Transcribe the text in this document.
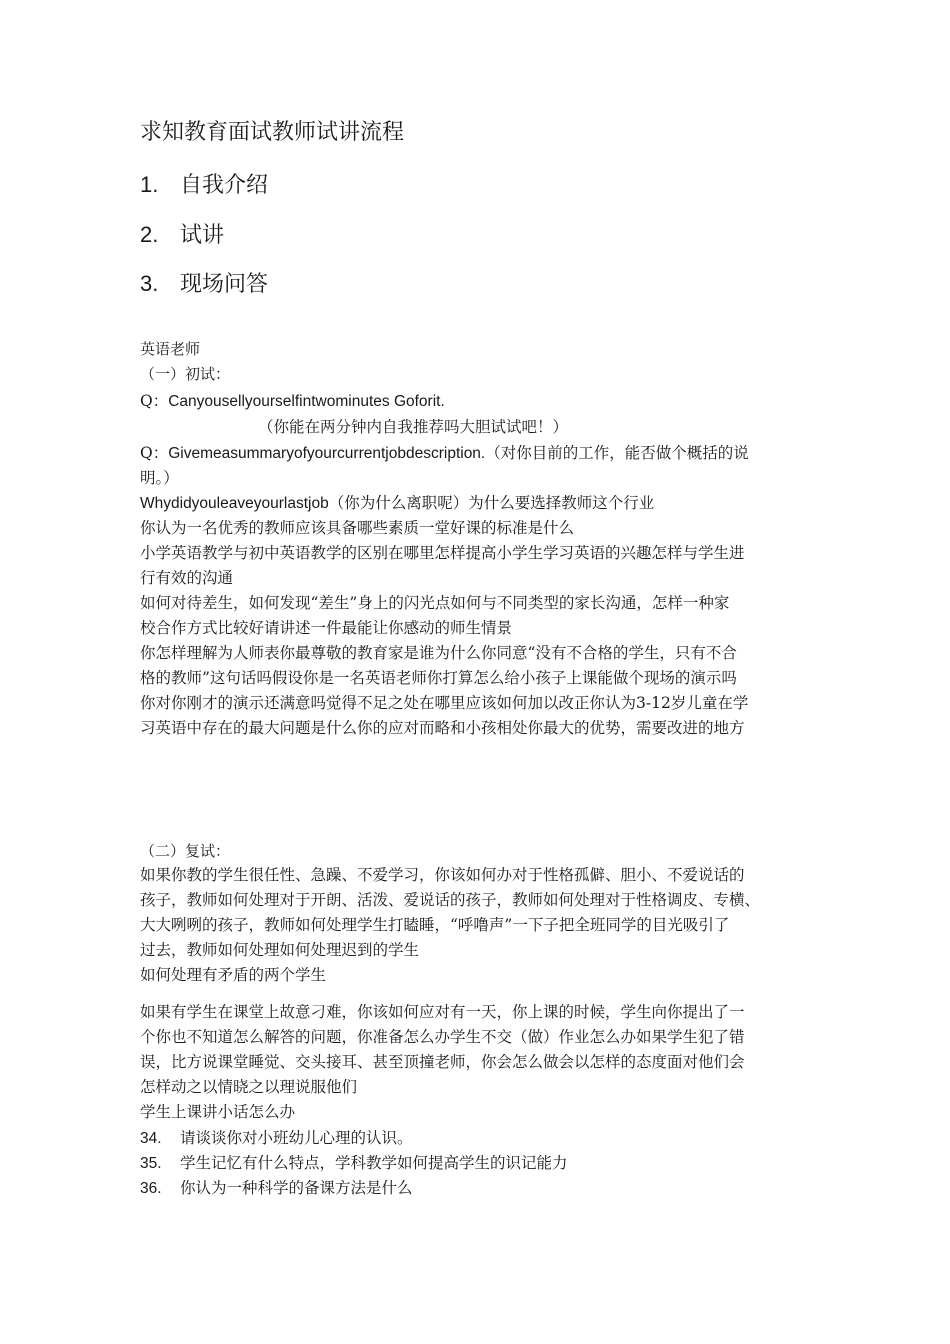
求知教育面试教师试讲流程
1. 自我介绍
2. 试讲
3. 现场问答
英语老师
（一）初试：
Q：Canyousellyourselfintwominutes Goforit.
（你能在两分钟内自我推荐吗大胆试试吧！）
Q：Givemeasummaryofyourcurrentjobdescription.（对你目前的工作，能否做个概括的说
明。）
Whydidyouleaveyourlastjob（你为什么离职呢）为什么要选择教师这个行业
你认为一名优秀的教师应该具备哪些素质一堂好课的标准是什么
小学英语教学与初中英语教学的区别在哪里怎样提高小学生学习英语的兴趣怎样与学生进
行有效的沟通
如何对待差生，如何发现“差生”身上的闪光点如何与不同类型的家长沟通，怎样一种家
校合作方式比较好请讲述一件最能让你感动的师生情景
你怎样理解为人师表你最尊敬的教育家是谁为什么你同意“没有不合格的学生，只有不合
格的教师”这句话吗假设你是一名英语老师你打算怎么给小孩子上课能做个现场的演示吗
你对你刚才的演示还满意吗觉得不足之处在哪里应该如何加以改正你认为3-12岁儿童在学
习英语中存在的最大问题是什么你的应对而略和小孩相处你最大的优势，需要改进的地方
（二）复试：
如果你教的学生很任性、急躁、不爱学习，你该如何办对于性格孤僻、胆小、不爱说话的
孩子，教师如何处理对于开朗、活泼、爱说话的孩子，教师如何处理对于性格调皮、专横、
大大咧咧的孩子，教师如何处理学生打瞌睡，“呼噜声”一下子把全班同学的目光吸引了
过去，教师如何处理如何处理迟到的学生
如何处理有矛盾的两个学生
如果有学生在课堂上故意刁难，你该如何应对有一天，你上课的时候，学生向你提出了一
个你也不知道怎么解答的问题，你准备怎么办学生不交（做）作业怎么办如果学生犯了错
误，比方说课堂睡觉、交头接耳、甚至顶撞老师，你会怎么做会以怎样的态度面对他们会
怎样动之以情晓之以理说服他们
学生上课讲小话怎么办
34. 请谈谈你对小班幼儿心理的认识。
35. 学生记忆有什么特点，学科教学如何提高学生的识记能力
36. 你认为一种科学的备课方法是什么
